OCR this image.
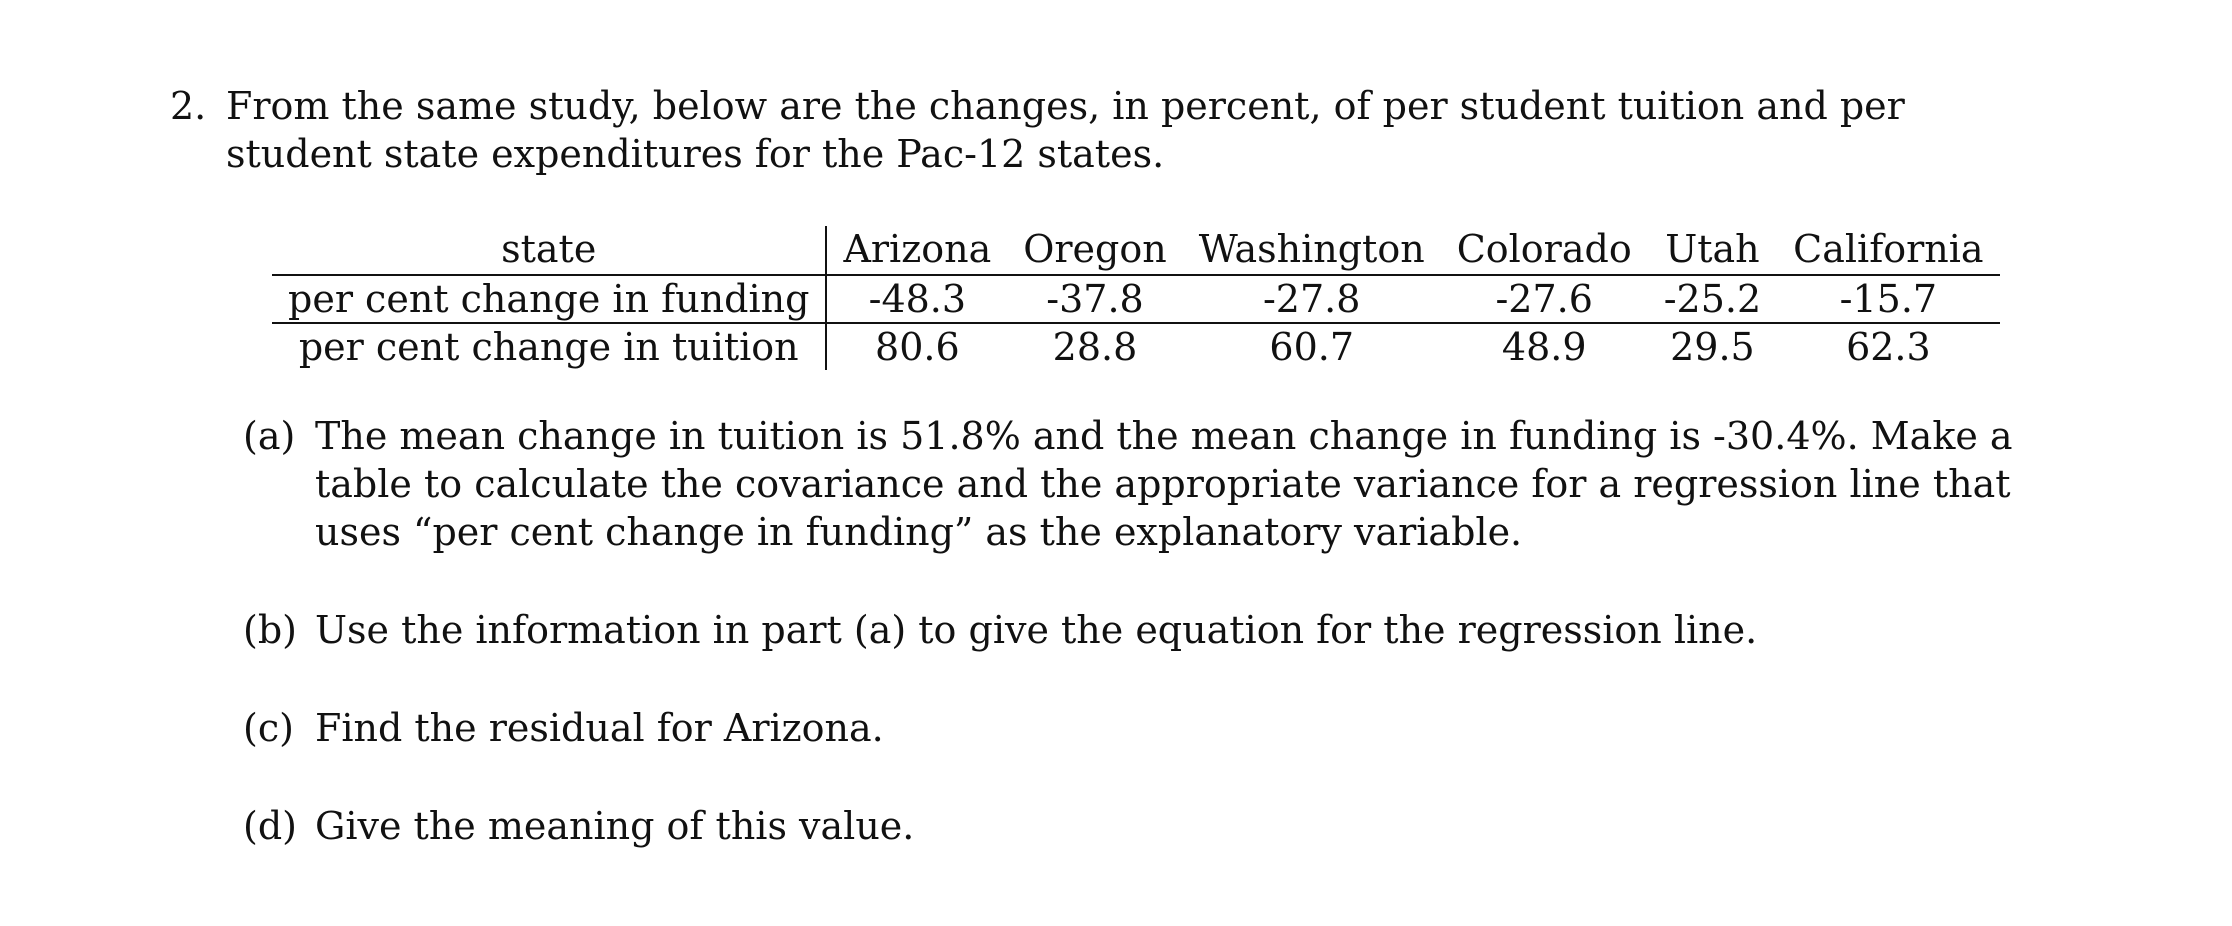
2. From the same study, below are the changes, in percent, of per student tuition and per student state expenditures for the Pac-12 states.
state	Arizona	Oregon	Washington	Colorado	Utah	California
per cent change in funding	-48.3	-37.8	-27.8	-27.6	-25.2	-15.7
per cent change in tuition	80.6	28.8	60.7	48.9	29.5	62.3
(a) The mean change in tuition is 51.8% and the mean change in funding is -30.4%. Make a table to calculate the covariance and the appropriate variance for a regression line that uses “per cent change in funding” as the explanatory variable.
(b) Use the information in part (a) to give the equation for the regression line.
(c) Find the residual for Arizona.
(d) Give the meaning of this value.
